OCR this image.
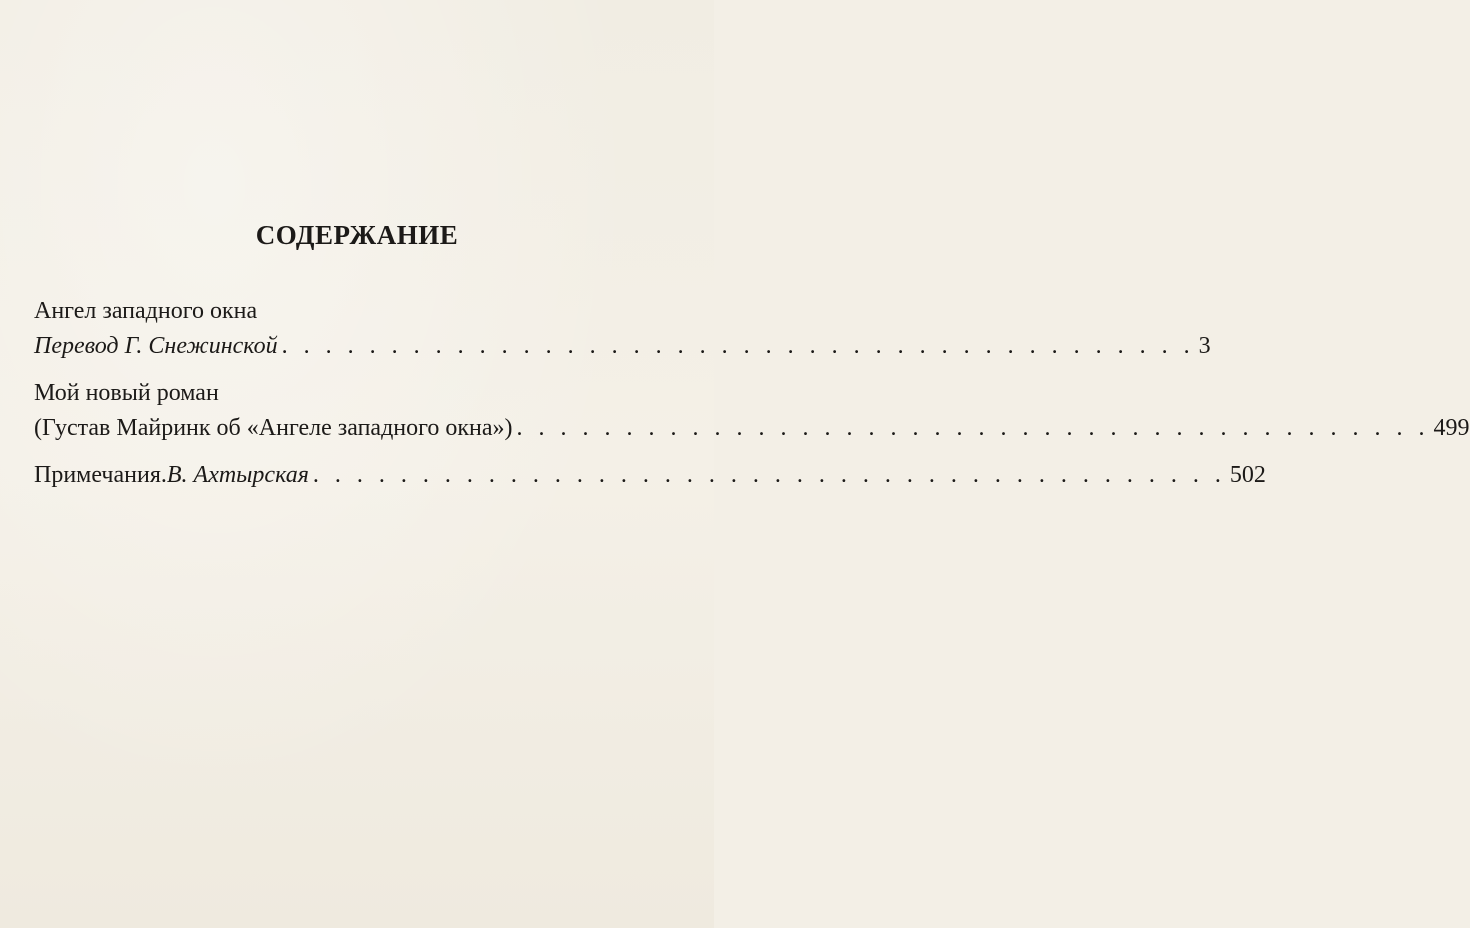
СОДЕРЖАНИЕ
Ангел западного окна
Перевод Г. Снежинской . . . . . . . . . . . . . . . . . . . . . . . . . . . . . . . . . . . . . . . . . . 3
Мой новый роман
(Густав Майринк об «Ангеле западного окна») . . . . . . . . . . . . . . . . . . . . . . . . . . . . . . . . . . . . . . . . . . 499
Примечания. В. Ахтырская . . . . . . . . . . . . . . . . . . . . . . . . . . . . . . . . . . . . . . . . . . 502
